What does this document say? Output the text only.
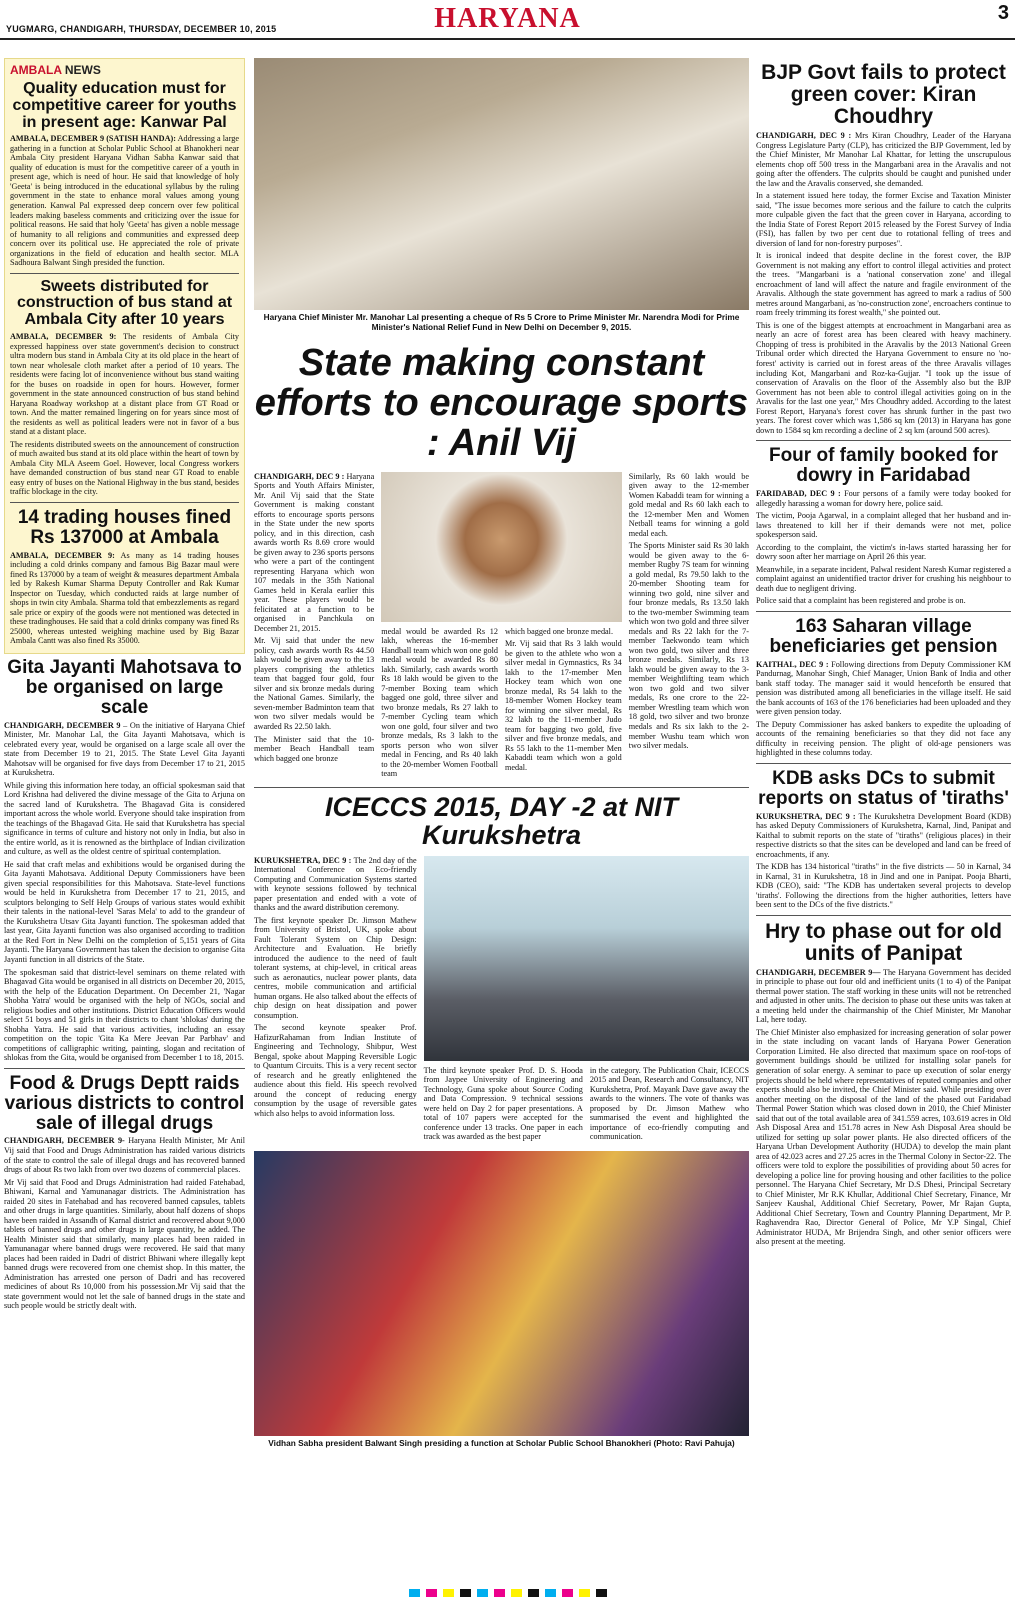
YUGMARG, CHANDIGARH, THURSDAY, DECEMBER 10, 2015	HARYANA	3
AMBALA NEWS
Quality education must for competitive career for youths in present age: Kanwar Pal

AMBALA, DECEMBER 9 (SATISH HANDA): Addressing a large gathering in a function at Scholar Public School at Bhanokheri near Ambala City president Haryana Vidhan Sabha Kanwar said that quality of education is must for the competitive career of a youth in present age, which is need of hour. He said that knowledge of holy 'Geeta' is being introduced in the educational syllabus by the ruling government in the state to enhance moral values among young generation. Kanwal Pal expressed deep concern over few political leaders making baseless comments and criticizing over the issue for political reasons. He said that holy 'Geeta' has given a noble message of humanity to all religions and communities and expressed deep concern over its political use. He appreciated the role of private organizations in the field of education and health sector. MLA Sadhoura Balwant Singh presided the function.

Sweets distributed for construction of bus stand at Ambala City after 10 years

AMBALA, DECEMBER 9: The residents of Ambala City expressed happiness over state government's decision to construct ultra modern bus stand in Ambala City at its old place in the heart of town near wholesale cloth market after a period of 10 years. The residents were facing lot of inconvenience without bus stand waiting for the buses on roadside in open for hours. However, former government in the state announced construction of bus stand behind Haryana Roadway workshop at a distant place from GT Road or town. And the matter remained lingering on for years since most of the residents as well as political leaders were not in favor of a bus stand at a distant place.

The residents distributed sweets on the announcement of construction of much awaited bus stand at its old place within the heart of town by Ambala City MLA Aseem Goel. However, local Congress workers have demanded construction of bus stand near GT Road to enable easy entry of buses on the National Highway in the bus stand, besides traffic blockage in the city.

14 trading houses fined Rs 137000 at Ambala

AMBALA, DECEMBER 9: As many as 14 trading houses including a cold drinks company and famous Big Bazar maul were fined Rs 137000 by a team of weight & measures department Ambala led by Rakesh Kumar Sharma Deputy Controller and Rak Kumar Inspector on Tuesday, which conducted raids at large number of shops in twin city Ambala. Sharma told that embezzlements as regard sale price or expiry of the goods were not mentioned was detected in these tradinghouses. He said that a cold drinks company was fined Rs 25000, whereas untested weighing machine used by Big Bazar Ambala Cantt was also fined Rs 35000.

Gita Jayanti Mahotsava to be organised on large scale

CHANDIGARH, DECEMBER 9 – On the initiative of Haryana Chief Minister, Mr. Manohar Lal, the Gita Jayanti Mahotsava, which is celebrated every year, would be organised on a large scale all over the state from December 19 to 21, 2015. The State Level Gita Jayanti Mahotsav will be organised for five days from December 17 to 21, 2015 at Kurukshetra.

While giving this information here today, an official spokesman said that Lord Krishna had delivered the divine message of the Gita to Arjuna on the sacred land of Kurukshetra. The Bhagavad Gita is considered important across the whole world. Everyone should take inspiration from the teachings of the Bhagavad Gita. He said that Kurukshetra has special significance in terms of culture and history not only in India, but also in the entire world, as it is renowned as the birthplace of Indian civilization and culture, as well as the oldest centre of spiritual contemplation.

He said that craft melas and exhibitions would be organised during the Gita Jayanti Mahotsava. Additional Deputy Commissioners have been given special responsibilities for this Mahotsava. State-level functions would be held in Kurukshetra from December 17 to 21, 2015, and sculptors belonging to Self Help Groups of various states would exhibit their talents in the national-level 'Saras Mela' to add to the grandeur of the Kurukshetra Utsav Gita Jayanti function. The spokesman added that last year, Gita Jayanti function was also organised according to tradition at the Red Fort in New Delhi on the completion of 5,151 years of Gita Jayanti. The Haryana Government has taken the decision to organise Gita Jayanti function in all districts of the State.

The spokesman said that district-level seminars on theme related with Bhagavad Gita would be organised in all districts on December 20, 2015, with the help of the Education Department. On December 21, 'Nagar Shobha Yatra' would be organised with the help of NGOs, social and religious bodies and other institutions. District Education Officers would select 51 boys and 51 girls in their districts to chant 'shlokas' during the Shobha Yatra. He said that various activities, including an essay competition on the topic 'Gita Ka Mere Jeevan Par Parbhav' and competitions of calligraphic writing, painting, slogan and recitation of shlokas from the Gita, would be organised from December 1 to 18, 2015.

Food & Drugs Deptt raids various districts to control sale of illegal drugs

CHANDIGARH, DECEMBER 9- Haryana Health Minister, Mr Anil Vij said that Food and Drugs Administration has raided various districts of the state to control the sale of illegal drugs and has recovered banned drugs of about Rs two lakh from over two dozens of commercial places.

Mr Vij said that Food and Drugs Administration had raided Fatehabad, Bhiwani, Karnal and Yamunanagar districts. The Administration has raided 20 sites in Fatehabad and has recovered banned capsules, tablets and other drugs in large quantities. Similarly, about half dozens of shops have been raided in Assandh of Karnal district and recovered about 9,000 tablets of banned drugs and other drugs in large quantity, he added. The Health Minister said that similarly, many places had been raided in Yamunanagar where banned drugs were recovered. He said that many places had been raided in Dadri of district Bhiwani where illegally kept banned drugs were recovered from one chemist shop. In this matter, the Administration has arrested one person of Dadri and has recovered medicines of about Rs 10,000 from his possession.Mr Vij said that the state government would not let the sale of banned drugs in the state and such people would be strictly dealt with.

Haryana Chief Minister Mr. Manohar Lal presenting a cheque of Rs 5 Crore to Prime Minister Mr. Narendra Modi for Prime Minister's National Relief Fund in New Delhi on December 9, 2015.
State making constant efforts to encourage sports : Anil Vij

CHANDIGARH, DEC 9 : Haryana Sports and Youth Affairs Minister, Mr. Anil Vij said that the State Government is making constant efforts to encourage sports persons in the State under the new sports policy, and in this direction, cash awards worth Rs 8.69 crore would be given away to 236 sports persons who were a part of the contingent representing Haryana which won 107 medals in the 35th National Games held in Kerala earlier this year. These players would be felicitated at a function to be organised in Panchkula on December 21, 2015.

Mr. Vij said that under the new policy, cash awards worth Rs 44.50 lakh would be given away to the 13 players comprising the athletics team that bagged four gold, four silver and six bronze medals during the National Games. Similarly, the seven-member Badminton team that won two silver medals would be awarded Rs 22.50 lakh.

The Minister said that the 10-member Beach Handball team which bagged one bronze

medal would be awarded Rs 12 lakh, whereas the 16-member Handball team which won one gold medal would be awarded Rs 80 lakh. Similarly, cash awards worth Rs 18 lakh would be given to the 7-member Boxing team which bagged one gold, three silver and two bronze medals, Rs 27 lakh to 7-member Cycling team which won one gold, four silver and two bronze medals, Rs 3 lakh to the sports person who won silver medal in Fencing, and Rs 40 lakh to the 20-member Women Football team

which bagged one bronze medal.

Mr. Vij said that Rs 3 lakh would be given to the athlete who won a silver medal in Gymnastics, Rs 34 lakh to the 17-member Men Hockey team which won one bronze medal, Rs 54 lakh to the 18-member Women Hockey team for winning one silver medal, Rs 32 lakh to the 11-member Judo team for bagging two gold, five silver and five bronze medals, and Rs 55 lakh to the 11-member Men Kabaddi team which won a gold medal.

Similarly, Rs 60 lakh would be given away to the 12-member Women Kabaddi team for winning a gold medal and Rs 60 lakh each to the 12-member Men and Women Netball teams for winning a gold medal each.

The Sports Minister said Rs 30 lakh would be given away to the 6-member Rugby 7S team for winning a gold medal, Rs 79.50 lakh to the 20-member Shooting team for winning two gold, nine silver and four bronze medals, Rs 13.50 lakh to the two-member Swimming team which won two gold and three silver medals and Rs 22 lakh for the 7-member Taekwondo team which won two gold, two silver and three bronze medals. Similarly, Rs 13 lakh would be given away to the 3-member Weightlifting team which won two gold and two silver medals, Rs one crore to the 22-member Wrestling team which won 18 gold, two silver and two bronze medals and Rs six lakh to the 2-member Wushu team which won two silver medals.

ICECCS 2015, DAY -2 at NIT Kurukshetra

KURUKSHETRA, DEC 9 : The 2nd day of the International Conference on Eco-friendly Computing and Communication Systems started with keynote sessions followed by technical paper presentation and ended with a vote of thanks and the award distribution ceremony.

The first keynote speaker Dr. Jimson Mathew from University of Bristol, UK, spoke about Fault Tolerant System on Chip Design: Architecture and Evaluation. He briefly introduced the audience to the need of fault tolerant systems, at chip-level, in critical areas such as aeronautics, nuclear power plants, data centres, mobile communication and artificial human organs. He also talked about the effects of chip design on heat dissipation and power consumption.

The second keynote speaker Prof. HafizurRahaman from Indian Institute of Engineering and Technology, Shibpur, West Bengal, spoke about Mapping Reversible Logic to Quantum Circuits. This is a very recent sector of research and he greatly enlightened the audience about this field. His speech revolved around the concept of reducing energy consumption by the usage of reversible gates which also helps to avoid information loss.

The third keynote speaker Prof. D. S. Hooda from Jaypee University of Engineering and Technology, Guna spoke about Source Coding and Data Compression. 9 technical sessions were held on Day 2 for paper presentations. A total of 107 papers were accepted for the conference under 13 tracks. One paper in each track was awarded as the best paper

in the category. The Publication Chair, ICECCS 2015 and Dean, Research and Consultancy, NIT Kurukshetra, Prof. Mayank Dave gave away the awards to the winners. The vote of thanks was proposed by Dr. Jimson Mathew who summarised the event and highlighted the importance of eco-friendly computing and communication.

Vidhan Sabha president Balwant Singh presiding a function at Scholar Public School Bhanokheri (Photo: Ravi Pahuja)
BJP Govt fails to protect green cover: Kiran Choudhry

CHANDIGARH, DEC 9 : Mrs Kiran Choudhry, Leader of the Haryana Congress Legislature Party (CLP), has criticized the BJP Government, led by the Chief Minister, Mr Manohar Lal Khattar, for letting the unscrupulous elements chop off 500 tress in the Mangarbani area in the Aravalis and not going after the offenders. The culprits should be caught and punished under the law and the Aravalis conserved, she demanded.

In a statement issued here today, the former Excise and Taxation Minister said, "The issue becomes more serious and the failure to catch the culprits more culpable given the fact that the green cover in Haryana, according to the India State of Forest Report 2015 released by the Forest Survey of India (FSI), has fallen by two per cent due to rotational felling of trees and diversion of land for non-forestry purposes".

It is ironical indeed that despite decline in the forest cover, the BJP Government is not making any effort to control illegal activities and protect the trees. "Mangarbani is a 'national conservation zone' and illegal encroachment of land will affect the nature and fragile environment of the Aravalis. Although the state government has agreed to mark a radius of 500 metres around Mangarbani, as 'no-construction zone', encroachers continue to roam freely trimming its forest wealth," she pointed out.

This is one of the biggest attempts at encroachment in Mangarbani area as nearly an acre of forest area has been cleared with heavy machinery. Chopping of tress is prohibited in the Aravalis by the 2013 National Green Tribunal order which directed the Haryana Government to ensure no 'no-forest' activity is carried out in forest areas of the three Aravalis villages including Kot, Mangarbani and Roz-ka-Gujjar. "I took up the issue of conservation of Aravalis on the floor of the Assembly also but the BJP Government has not been able to control illegal activities going on in the Aravalis for the last one year," Mrs Choudhry added. According to the latest Forest Report, Haryana's forest cover has shrunk further in the past two years. The forest cover which was 1,586 sq km (2013) in Haryana has gone down to 1584 sq km recording a decline of 2 sq km (around 500 acres).

Four of family booked for dowry in Faridabad

FARIDABAD, DEC 9 : Four persons of a family were today booked for allegedly harassing a woman for dowry here, police said.

The victim, Pooja Agarwal, in a complaint alleged that her husband and in-laws threatened to kill her if their demands were not met, police spokesperson said.

According to the complaint, the victim's in-laws started harassing her for dowry soon after her marriage on April 26 this year.

Meanwhile, in a separate incident, Palwal resident Naresh Kumar registered a complaint against an unidentified tractor driver for crushing his neighbour to death due to negligent driving.

Police said that a complaint has been registered and probe is on.

163 Saharan village beneficiaries get pension

KAITHAL, DEC 9 : Following directions from Deputy Commissioner KM Pandurnag, Manohar Singh, Chief Manager, Union Bank of India and other bank staff today. The manager said it would henceforth be ensured that pension was distributed among all beneficiaries in the village itself. He said the bank accounts of 163 of the 176 beneficiaries had been uploaded and they were given pension today.

The Deputy Commissioner has asked bankers to expedite the uploading of accounts of the remaining beneficiaries so that they did not face any difficulty in receiving pension. The plight of old-age pensioners was highlighted in these columns today.

KDB asks DCs to submit reports on status of 'tiraths'

KURUKSHETRA, DEC 9 : The Kurukshetra Development Board (KDB) has asked Deputy Commissioners of Kurukshetra, Karnal, Jind, Panipat and Kaithal to submit reports on the state of "tiraths" (religious places) in their respective districts so that the sites can be developed and land can be freed of encroachments, if any.

The KDB has 134 historical "tiraths" in the five districts — 50 in Karnal, 34 in Karnal, 31 in Kurukshetra, 18 in Jind and one in Panipat. Pooja Bharti, KDB (CEO), said: "The KDB has undertaken several projects to develop 'tiraths'. Following the directions from the higher authorities, letters have been sent to the DCs of the five districts."

Hry to phase out for old units of Panipat

CHANDIGARH, DECEMBER 9— The Haryana Government has decided in principle to phase out four old and inefficient units (1 to 4) of the Panipat thermal power station. The staff working in these units will not be retrenched and adjusted in other units. The decision to phase out these units was taken at a meeting held under the chairmanship of the Chief Minister, Mr Manohar Lal, here today.

The Chief Minister also emphasized for increasing generation of solar power in the state including on vacant lands of Haryana Power Generation Corporation Limited. He also directed that maximum space on roof-tops of government buildings should be utilized for installing solar panels for generation of solar energy. A seminar to pace up execution of solar energy projects should be held where representatives of reputed companies and other experts should also be invited, the Chief Minister said. While presiding over another meeting on the disposal of the land of the phased out Faridabad Thermal Power Station which was closed down in 2010, the Chief Minister said that out of the total available area of 341.559 acres, 103.619 acres in Old Ash Disposal Area and 151.78 acres in New Ash Disposal Area should be utilized for setting up solar power plants. He also directed officers of the Haryana Urban Development Authority (HUDA) to develop the main plant area of 42.023 acres and 27.25 acres in the Thermal Colony in Sector-22. The officers were told to explore the possibilities of providing about 50 acres for developing a police line for proving housing and other facilities to the police personnel. The Haryana Chief Secretary, Mr D.S Dhesi, Principal Secretary to Chief Minister, Mr R.K Khullar, Additional Chief Secretary, Finance, Mr Sanjeev Kaushal, Additional Chief Secretary, Power, Mr Rajan Gupta, Additional Chief Secretary, Town and Country Planning Department, Mr P. Raghavendra Rao, Director General of Police, Mr Y.P Singal, Chief Administrator HUDA, Mr Brijendra Singh, and other senior officers were also present at the meeting.
